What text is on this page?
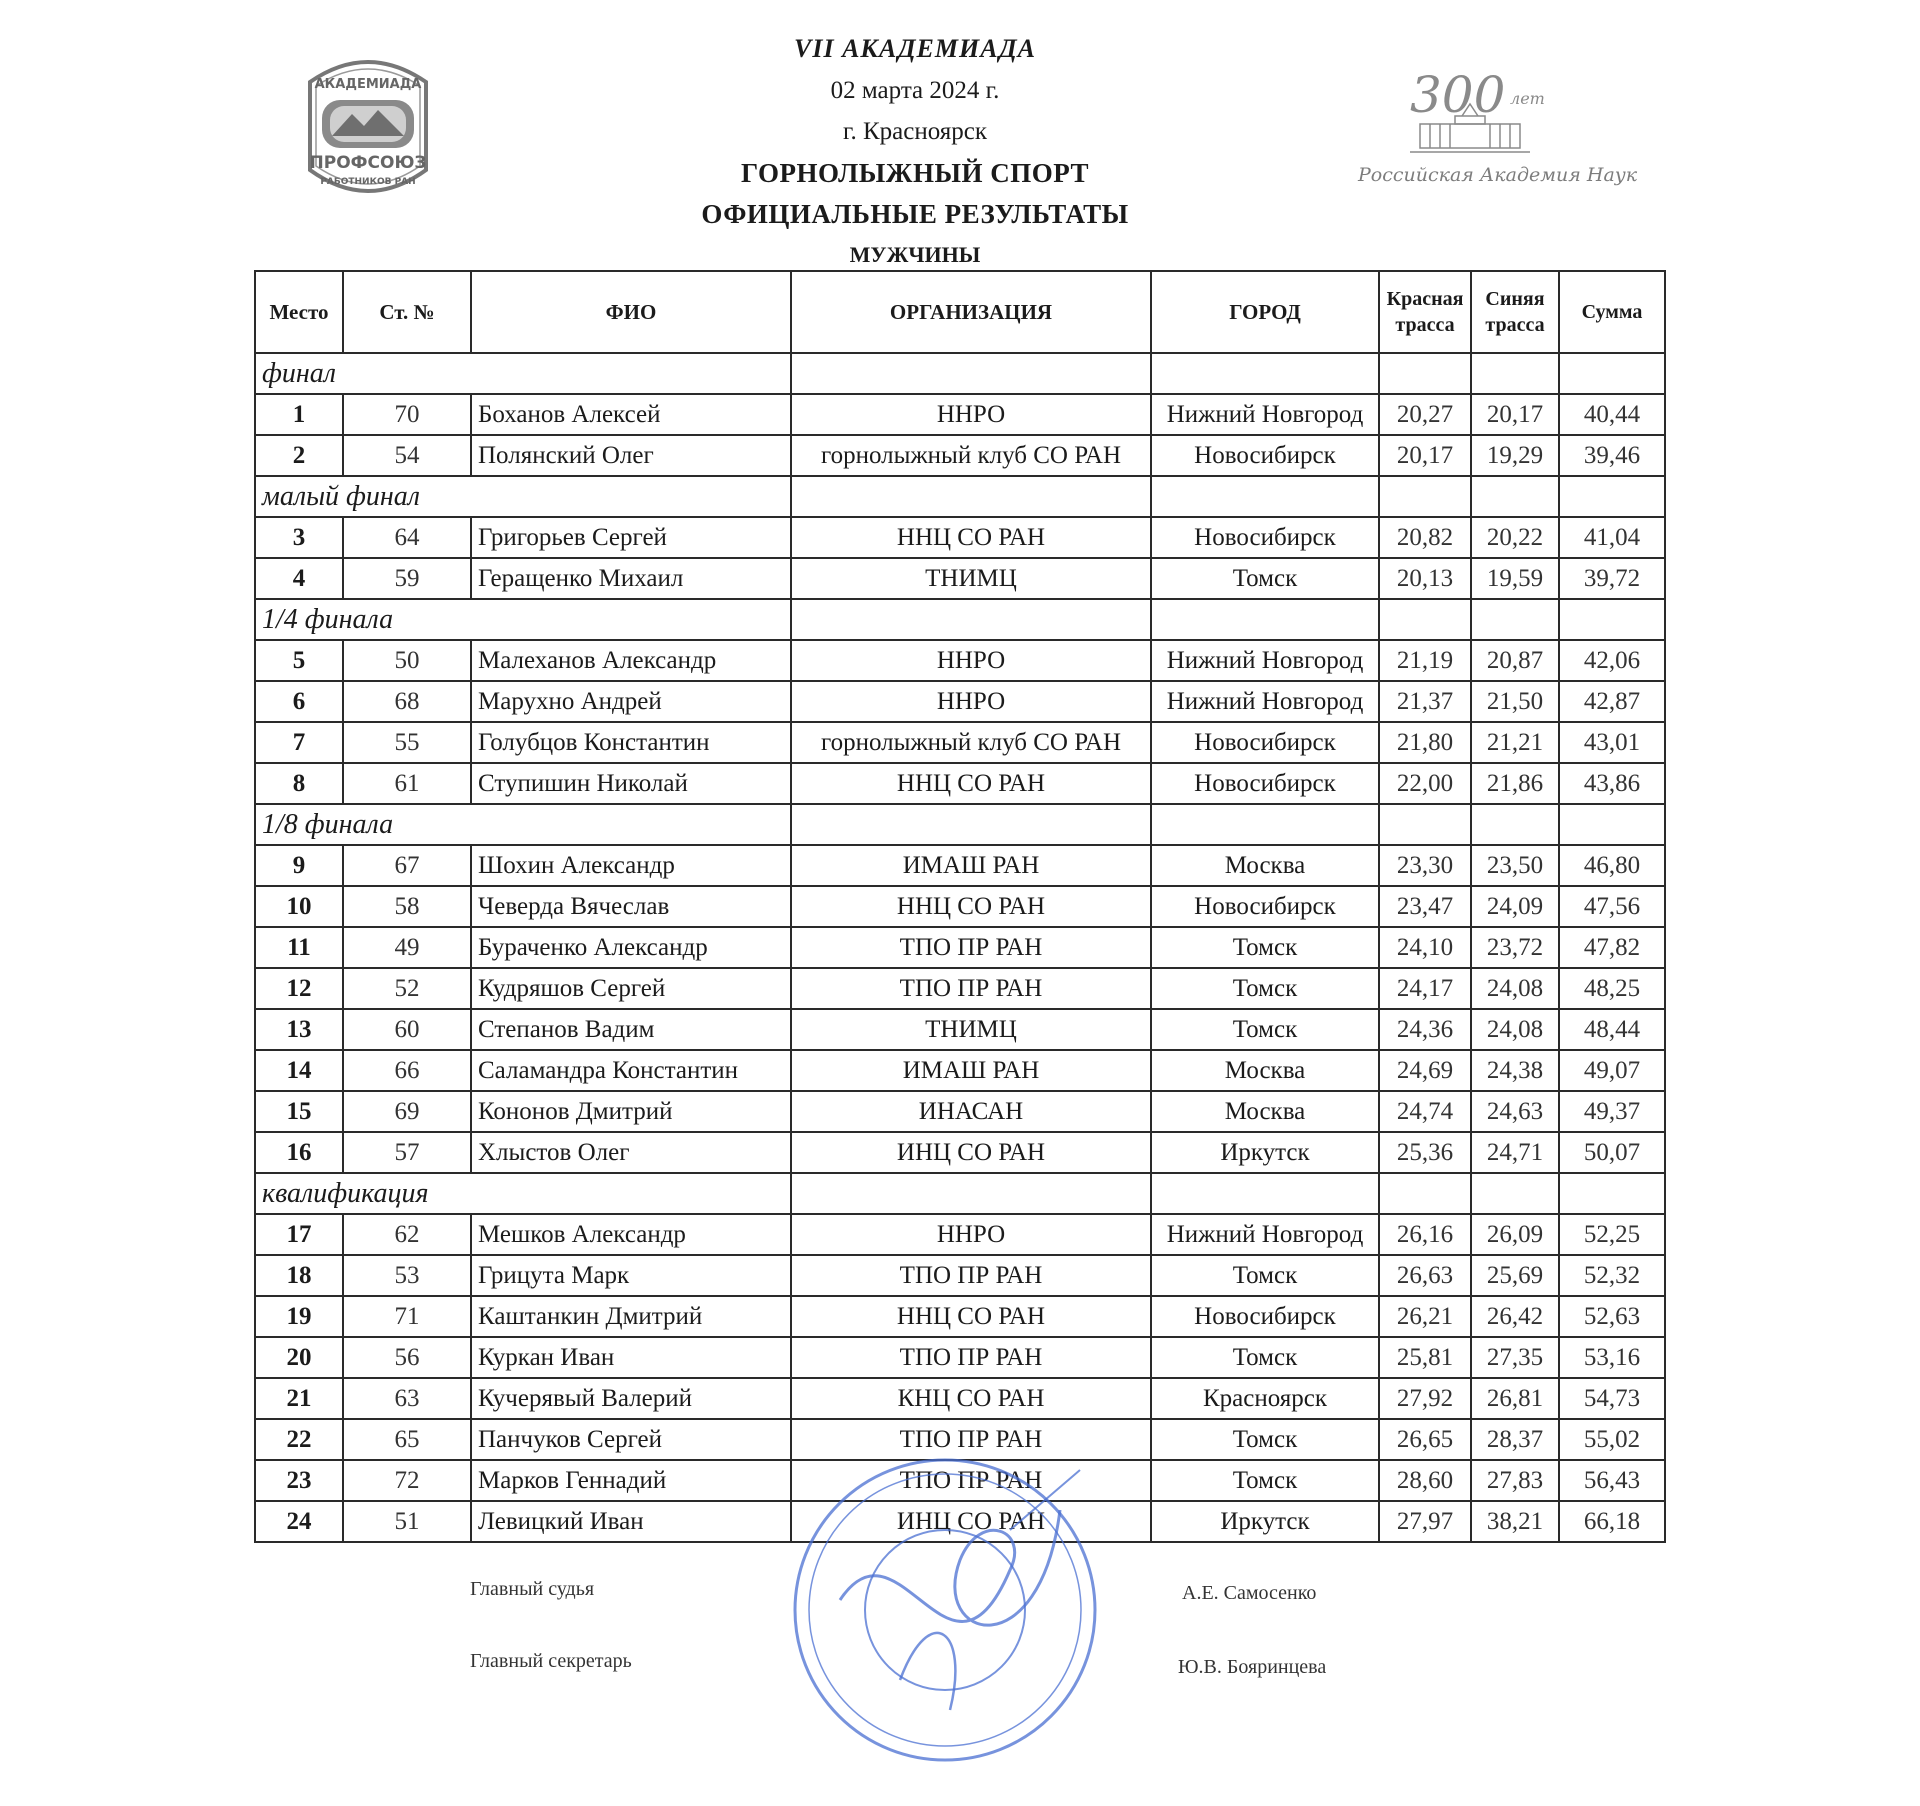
VII АКАДЕМИАДА
02 марта 2024 г.
г. Красноярск
ГОРНОЛЫЖНЫЙ СПОРТ
ОФИЦИАЛЬНЫЕ РЕЗУЛЬТАТЫ
МУЖЧИНЫ
АКАДЕМИАДА
ПРОФСОЮЗ
РАБОТНИКОВ РАН
300 лет
Российская Академия Наук
Место	Ст. №	ФИО	ОРГАНИЗАЦИЯ	ГОРОД	Красная трасса	Синяя трасса	Сумма
финал							
1	70	Боханов Алексей	ННРО	Нижний Новгород	20,27	20,17	40,44
2	54	Полянский Олег	горнолыжный клуб СО РАН	Новосибирск	20,17	19,29	39,46
малый финал							
3	64	Григорьев Сергей	ННЦ СО РАН	Новосибирск	20,82	20,22	41,04
4	59	Геращенко Михаил	ТНИМЦ	Томск	20,13	19,59	39,72
1/4 финала							
5	50	Малеханов Александр	ННРО	Нижний Новгород	21,19	20,87	42,06
6	68	Марухно Андрей	ННРО	Нижний Новгород	21,37	21,50	42,87
7	55	Голубцов Константин	горнолыжный клуб СО РАН	Новосибирск	21,80	21,21	43,01
8	61	Ступишин Николай	ННЦ СО РАН	Новосибирск	22,00	21,86	43,86
1/8 финала							
9	67	Шохин Александр	ИМАШ РАН	Москва	23,30	23,50	46,80
10	58	Чеверда Вячеслав	ННЦ СО РАН	Новосибирск	23,47	24,09	47,56
11	49	Бураченко Александр	ТПО ПР РАН	Томск	24,10	23,72	47,82
12	52	Кудряшов Сергей	ТПО ПР РАН	Томск	24,17	24,08	48,25
13	60	Степанов Вадим	ТНИМЦ	Томск	24,36	24,08	48,44
14	66	Саламандра Константин	ИМАШ РАН	Москва	24,69	24,38	49,07
15	69	Кононов Дмитрий	ИНАСАН	Москва	24,74	24,63	49,37
16	57	Хлыстов Олег	ИНЦ СО РАН	Иркутск	25,36	24,71	50,07
квалификация							
17	62	Мешков Александр	ННРО	Нижний Новгород	26,16	26,09	52,25
18	53	Грицута Марк	ТПО ПР РАН	Томск	26,63	25,69	52,32
19	71	Каштанкин Дмитрий	ННЦ СО РАН	Новосибирск	26,21	26,42	52,63
20	56	Куркан Иван	ТПО ПР РАН	Томск	25,81	27,35	53,16
21	63	Кучерявый Валерий	КНЦ СО РАН	Красноярск	27,92	26,81	54,73
22	65	Панчуков Сергей	ТПО ПР РАН	Томск	26,65	28,37	55,02
23	72	Марков Геннадий	ТПО ПР РАН	Томск	28,60	27,83	56,43
24	51	Левицкий Иван	ИНЦ СО РАН	Иркутск	27,97	38,21	66,18
Главный судья	А.Е. Самосенко
Главный секретарь	Ю.В. Бояринцева
